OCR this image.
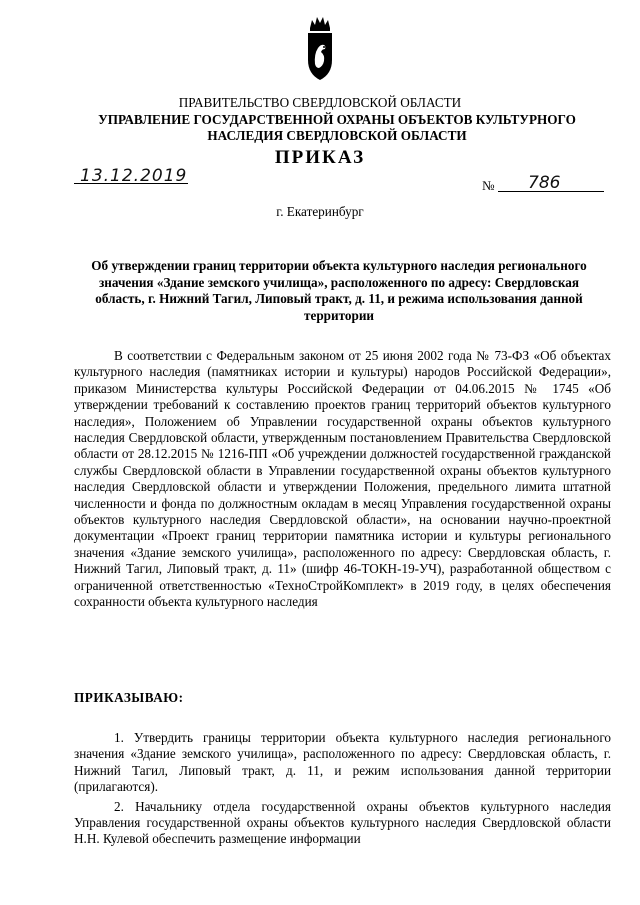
ПРАВИТЕЛЬСТВО СВЕРДЛОВСКОЙ ОБЛАСТИ
УПРАВЛЕНИЕ ГОСУДАРСТВЕННОЙ ОХРАНЫ ОБЪЕКТОВ КУЛЬТУРНОГО НАСЛЕДИЯ СВЕРДЛОВСКОЙ ОБЛАСТИ
ПРИКАЗ
13.12.2019	№ 786
г. Екатеринбург
Об утверждении границ территории объекта культурного наследия регионального значения «Здание земского училища», расположенного по адресу: Свердловская область, г. Нижний Тагил, Липовый тракт, д. 11, и режима использования данной территории

В соответствии с Федеральным законом от 25 июня 2002 года № 73-ФЗ «Об объектах культурного наследия (памятниках истории и культуры) народов Российской Федерации», приказом Министерства культуры Российской Федерации от 04.06.2015 № 1745 «Об утверждении требований к составлению проектов границ территорий объектов культурного наследия», Положением об Управлении государственной охраны объектов культурного наследия Свердловской области, утвержденным постановлением Правительства Свердловской области от 28.12.2015 № 1216-ПП «Об учреждении должностей государственной гражданской службы Свердловской области в Управлении государственной охраны объектов культурного наследия Свердловской области и утверждении Положения, предельного лимита штатной численности и фонда по должностным окладам в месяц Управления государственной охраны объектов культурного наследия Свердловской области», на основании научно-проектной документации «Проект границ территории памятника истории и культуры регионального значения «Здание земского училища», расположенного по адресу: Свердловская область, г. Нижний Тагил, Липовый тракт, д. 11» (шифр 46-ТОКН-19-УЧ), разработанной обществом с ограниченной ответственностью «ТехноСтройКомплект» в 2019 году, в целях обеспечения сохранности объекта культурного наследия

ПРИКАЗЫВАЮ:

1. Утвердить границы территории объекта культурного наследия регионального значения «Здание земского училища», расположенного по адресу: Свердловская область, г. Нижний Тагил, Липовый тракт, д. 11, и режим использования данной территории (прилагаются).

2. Начальнику отдела государственной охраны объектов культурного наследия Управления государственной охраны объектов культурного наследия Свердловской области Н.Н. Кулевой обеспечить размещение информации
